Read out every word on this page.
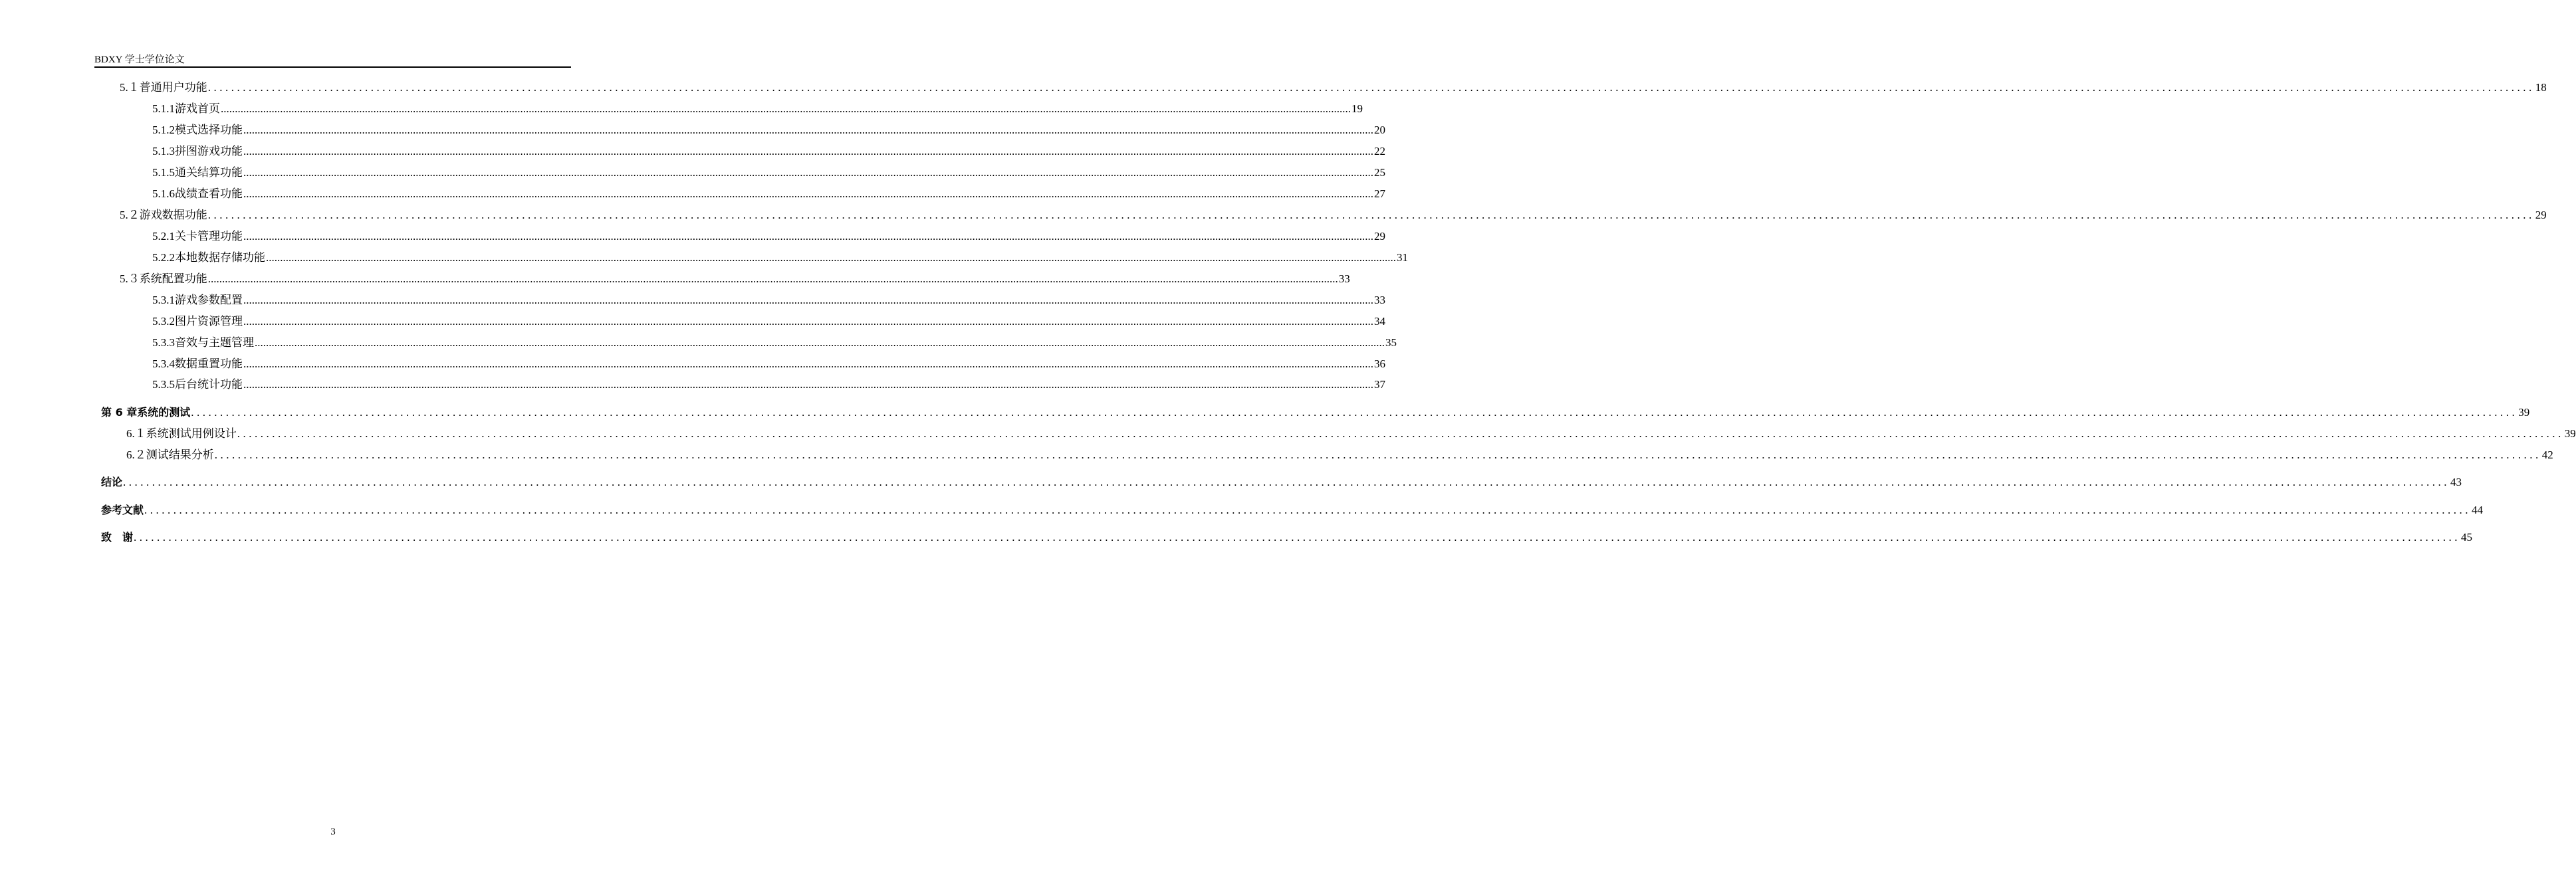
BDXY 学士学位论文
5.１ 普通用户功能 ................................................................................................................................................................................................................................................................................................................................................................................................................ 18
5.1.1 游戏首页 ................................................................................................................................................................................................................................................................................................................................................................................................................ 19
5.1.2 模式选择功能 ................................................................................................................................................................................................................................................................................................................................................................................................................ 20
5.1.3 拼图游戏功能 ................................................................................................................................................................................................................................................................................................................................................................................................................ 22
5.1.5 通关结算功能 ................................................................................................................................................................................................................................................................................................................................................................................................................ 25
5.1.6 战绩查看功能 ................................................................................................................................................................................................................................................................................................................................................................................................................ 27
5.２ 游戏数据功能 ................................................................................................................................................................................................................................................................................................................................................................................................................ 29
5.2.1 关卡管理功能 ................................................................................................................................................................................................................................................................................................................................................................................................................ 29
5.2.2 本地数据存储功能 ................................................................................................................................................................................................................................................................................................................................................................................................................ 31
5.３ 系统配置功能 ................................................................................................................................................................................................................................................................................................................................................................................................................ 33
5.3.1 游戏参数配置 ................................................................................................................................................................................................................................................................................................................................................................................................................ 33
5.3.2 图片资源管理 ................................................................................................................................................................................................................................................................................................................................................................................................................ 34
5.3.3 音效与主题管理 ................................................................................................................................................................................................................................................................................................................................................................................................................ 35
5.3.4 数据重置功能 ................................................................................................................................................................................................................................................................................................................................................................................................................ 36
5.3.5 后台统计功能 ................................................................................................................................................................................................................................................................................................................................................................................................................ 37
第 6 章 系统的测试 ................................................................................................................................................................................................................................................................................................................................................................................................................ 39
6.１ 系统测试用例设计 ................................................................................................................................................................................................................................................................................................................................................................................................................ 39
6.２ 测试结果分析 ................................................................................................................................................................................................................................................................................................................................................................................................................ 42
结论 ................................................................................................................................................................................................................................................................................................................................................................................................................ 43
参考文献 ................................................................................................................................................................................................................................................................................................................................................................................................................ 44
致　谢 ................................................................................................................................................................................................................................................................................................................................................................................................................ 45
3
